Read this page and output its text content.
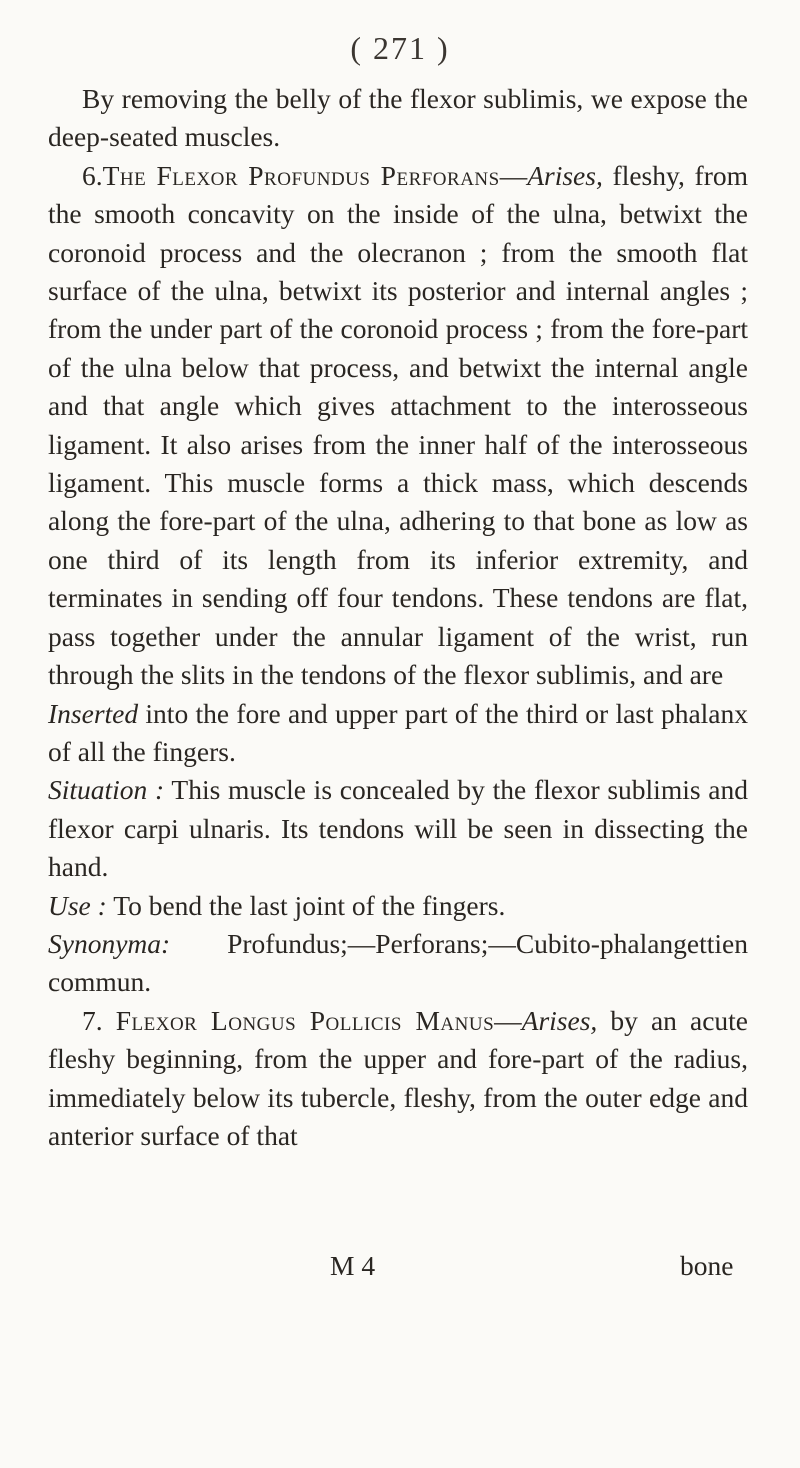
( 271 )

By removing the belly of the flexor sublimis, we expose the deep-seated muscles.

6.The Flexor Profundus Perforans—Arises, fleshy, from the smooth concavity on the inside of the ulna, betwixt the coronoid process and the olecranon ; from the smooth flat surface of the ulna, betwixt its posterior and internal angles ; from the under part of the coronoid process ; from the fore-part of the ulna below that process, and betwixt the internal angle and that angle which gives attachment to the interosseous ligament. It also arises from the inner half of the interosseous ligament. This muscle forms a thick mass, which descends along the fore-part of the ulna, adhering to that bone as low as one third of its length from its inferior extremity, and terminates in sending off four tendons. These tendons are flat, pass together under the annular ligament of the wrist, run through the slits in the tendons of the flexor sublimis, and are

Inserted into the fore and upper part of the third or last phalanx of all the fingers.

Situation : This muscle is concealed by the flexor sublimis and flexor carpi ulnaris. Its tendons will be seen in dissecting the hand.

Use : To bend the last joint of the fingers.

Synonyma: Profundus;—Perforans;—Cubito-phalangettien commun.

7. Flexor Longus Pollicis Manus—Arises, by an acute fleshy beginning, from the upper and fore-part of the radius, immediately below its tubercle, fleshy, from the outer edge and anterior surface of that

M 4	bone
